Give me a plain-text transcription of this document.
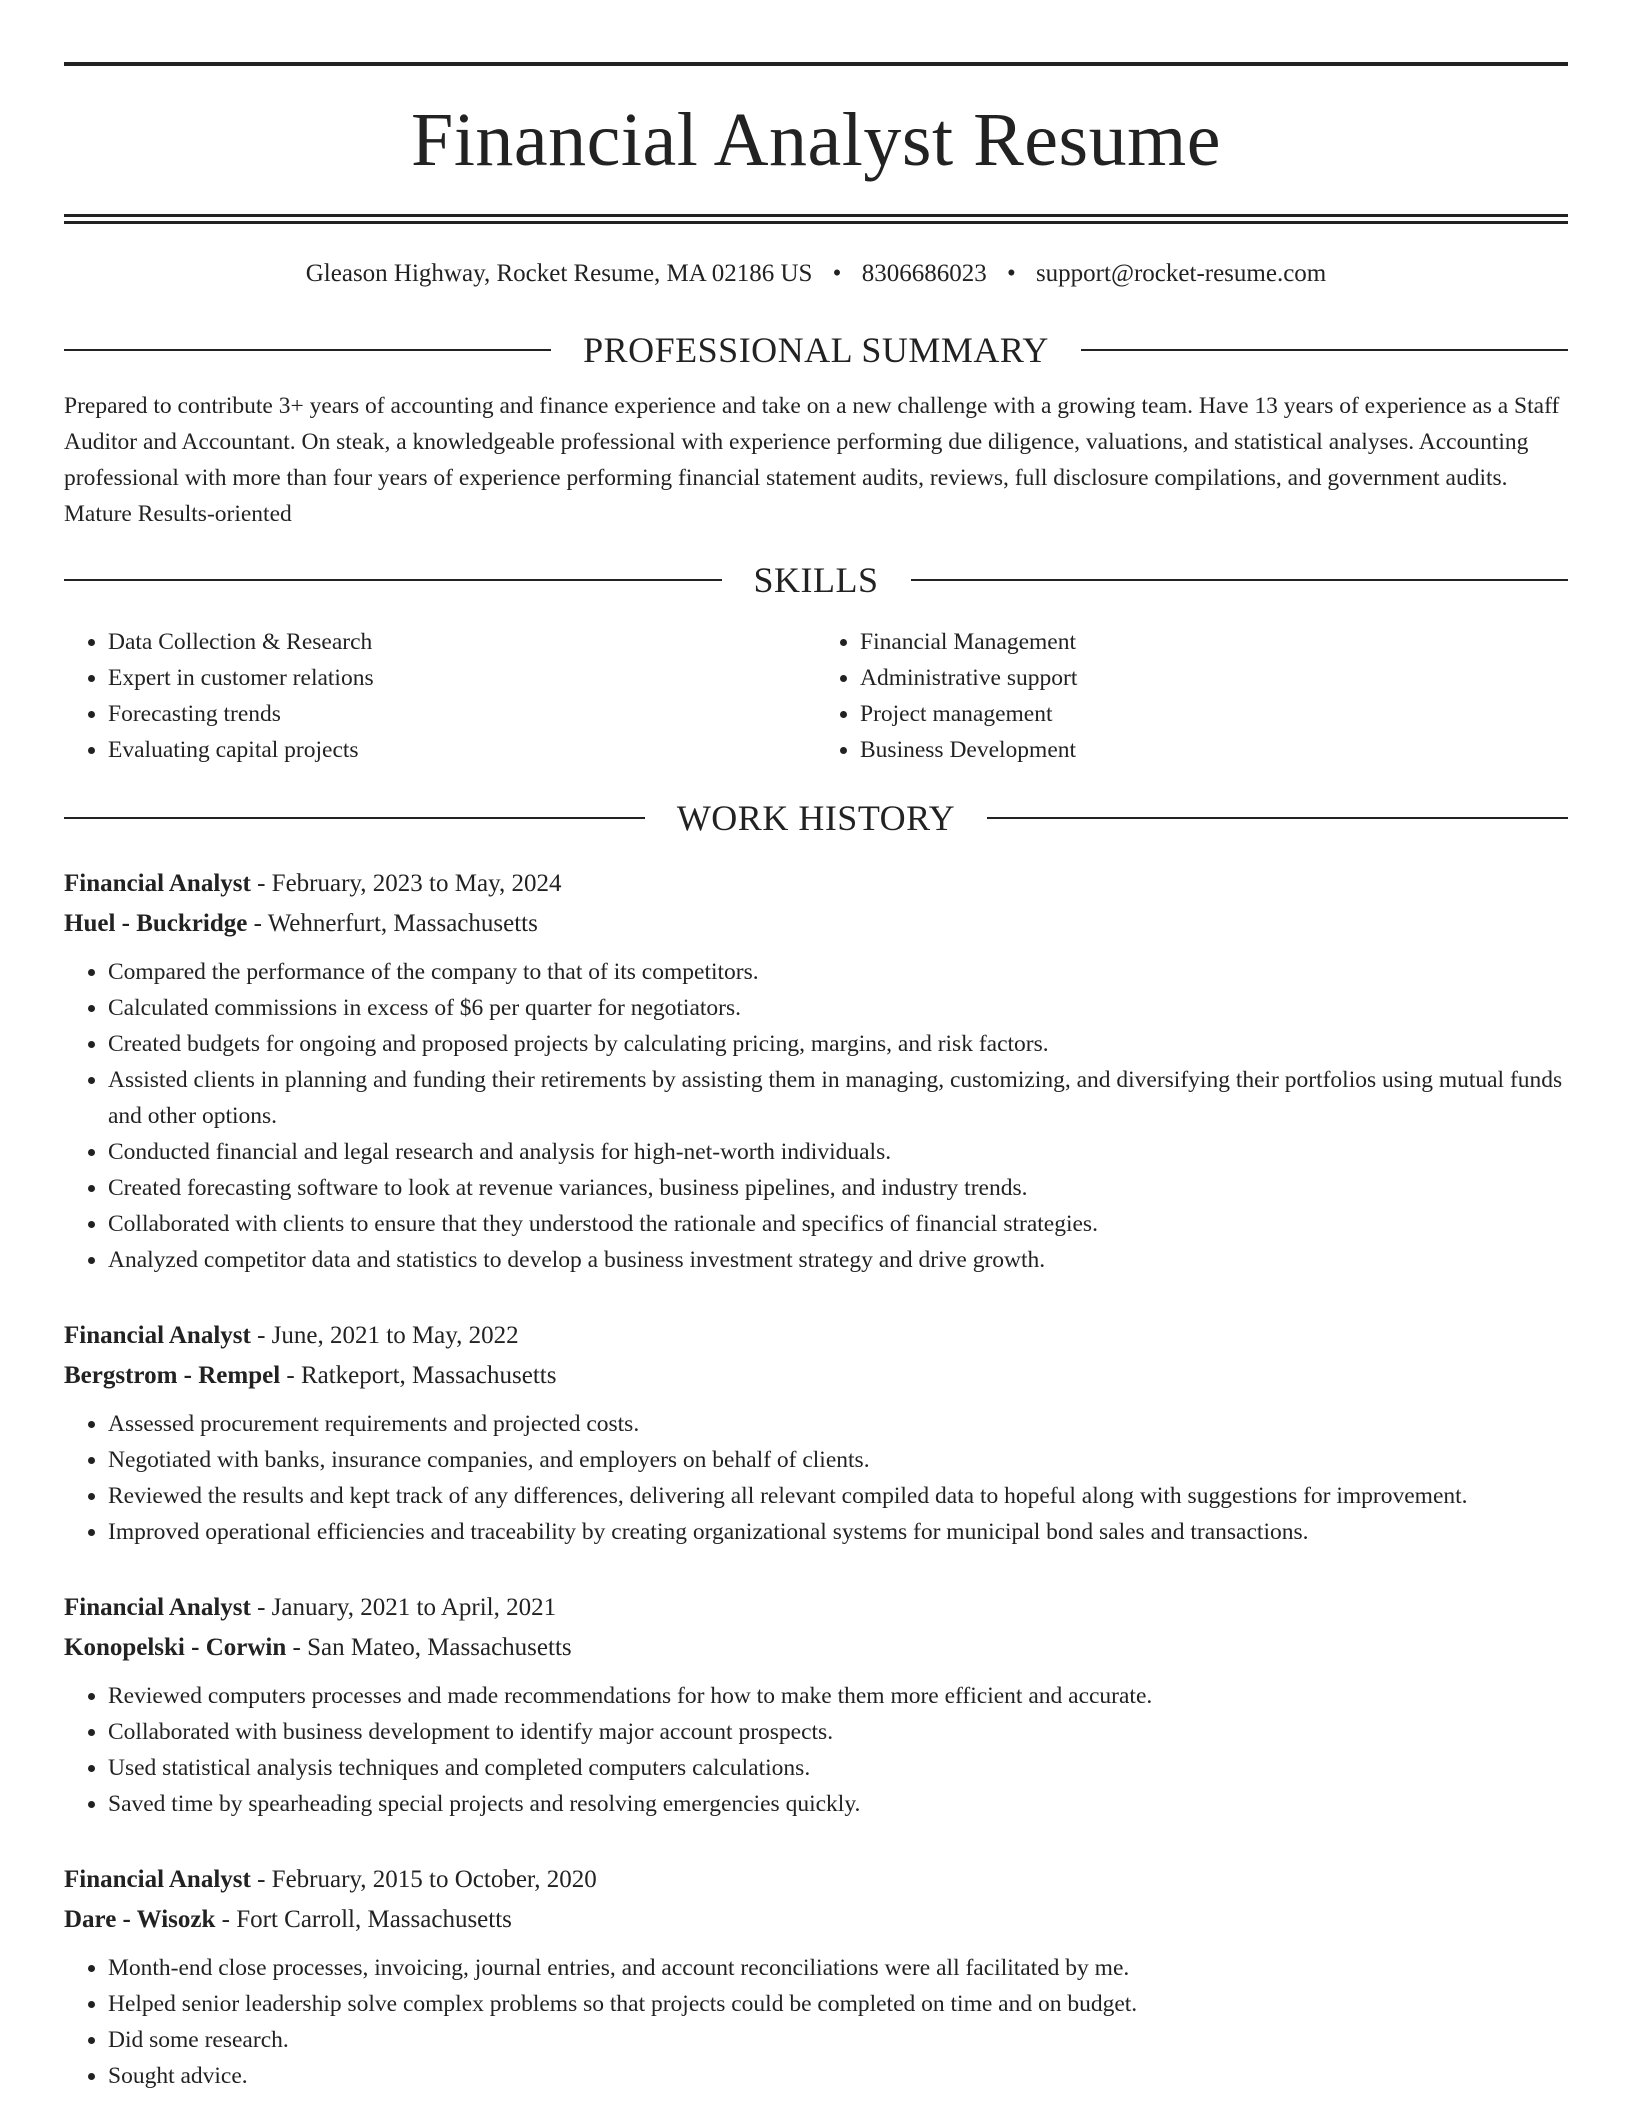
Financial Analyst Resume
Gleason Highway, Rocket Resume, MA 02186 US • 8306686023 • support@rocket-resume.com
PROFESSIONAL SUMMARY
Prepared to contribute 3+ years of accounting and finance experience and take on a new challenge with a growing team. Have 13 years of experience as a Staff Auditor and Accountant. On steak, a knowledgeable professional with experience performing due diligence, valuations, and statistical analyses. Accounting professional with more than four years of experience performing financial statement audits, reviews, full disclosure compilations, and government audits. Mature Results-oriented
SKILLS
• Data Collection & Research
• Expert in customer relations
• Forecasting trends
• Evaluating capital projects
• Financial Management
• Administrative support
• Project management
• Business Development
WORK HISTORY
Financial Analyst - February, 2023 to May, 2024
Huel - Buckridge - Wehnerfurt, Massachusetts
• Compared the performance of the company to that of its competitors.
• Calculated commissions in excess of $6 per quarter for negotiators.
• Created budgets for ongoing and proposed projects by calculating pricing, margins, and risk factors.
• Assisted clients in planning and funding their retirements by assisting them in managing, customizing, and diversifying their portfolios using mutual funds and other options.
• Conducted financial and legal research and analysis for high-net-worth individuals.
• Created forecasting software to look at revenue variances, business pipelines, and industry trends.
• Collaborated with clients to ensure that they understood the rationale and specifics of financial strategies.
• Analyzed competitor data and statistics to develop a business investment strategy and drive growth.
Financial Analyst - June, 2021 to May, 2022
Bergstrom - Rempel - Ratkeport, Massachusetts
• Assessed procurement requirements and projected costs.
• Negotiated with banks, insurance companies, and employers on behalf of clients.
• Reviewed the results and kept track of any differences, delivering all relevant compiled data to hopeful along with suggestions for improvement.
• Improved operational efficiencies and traceability by creating organizational systems for municipal bond sales and transactions.
Financial Analyst - January, 2021 to April, 2021
Konopelski - Corwin - San Mateo, Massachusetts
• Reviewed computers processes and made recommendations for how to make them more efficient and accurate.
• Collaborated with business development to identify major account prospects.
• Used statistical analysis techniques and completed computers calculations.
• Saved time by spearheading special projects and resolving emergencies quickly.
Financial Analyst - February, 2015 to October, 2020
Dare - Wisozk - Fort Carroll, Massachusetts
• Month-end close processes, invoicing, journal entries, and account reconciliations were all facilitated by me.
• Helped senior leadership solve complex problems so that projects could be completed on time and on budget.
• Did some research.
• Sought advice.
